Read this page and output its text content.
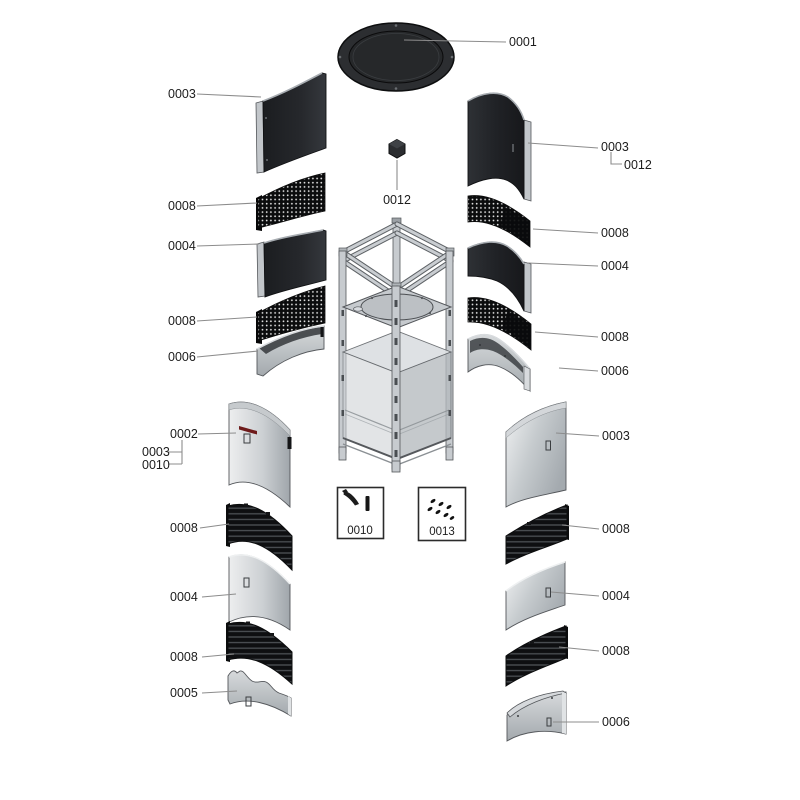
0001
0003
0008
0004
0008
0006
0002
0003
0010
0008
0004
0008
0005
0003
0012
0008
0004
0008
0006
0003
0008
0004
0008
0006
0012
0010	0013
